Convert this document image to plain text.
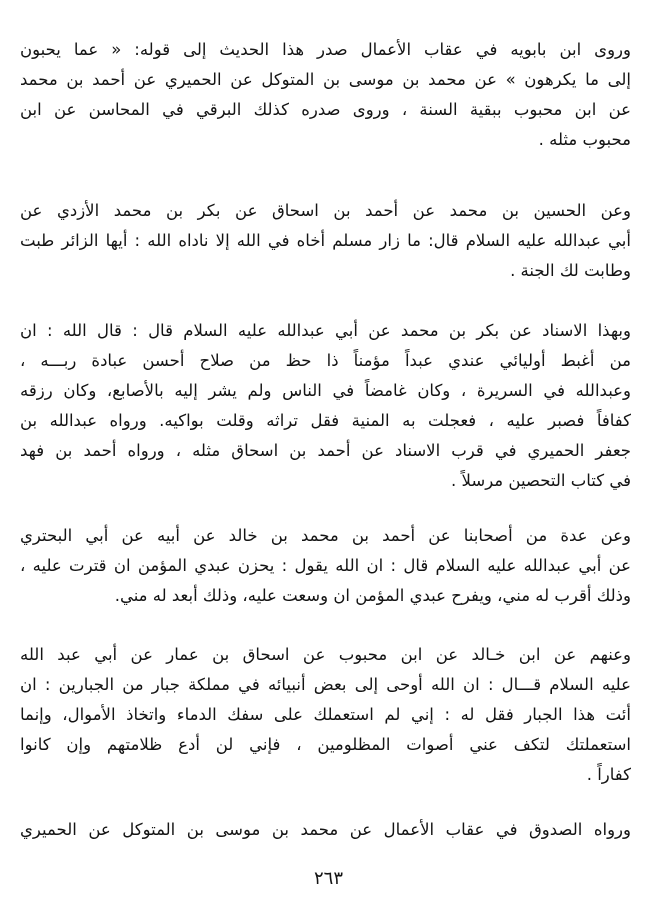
وروى ابن بابويه في عقاب الأعمال صدر هذا الحديث إلى قوله: « عما يحبون
إلى ما يكرهون » عن محمد بن موسى بن المتوكل عن الحميري عن أحمد بن محمد
عن ابن محبوب ببقية السنة ، وروى صدره كذلك البرقي في المحاسن عن ابن
محبوب مثله .
وعن الحسين بن محمد عن أحمد بن اسحاق عن بكر بن محمد الأزدي عن
أبي عبدالله عليه السلام قال: ما زار مسلم أخاه في الله إلا ناداه الله : أيها الزائر طبت
وطابت لك الجنة .
وبهذا الاسناد عن بكر بن محمد عن أبي عبدالله عليه السلام قال : قال الله : ان
من أغبط أوليائي عندي عبداً مؤمناً ذا حظ من صلاح أحسن عبادة ربـــه ،
وعبدالله في السريرة ، وكان غامضاً في الناس ولم يشر إليه بالأصابع، وكان رزقه
كفافاً فصبر عليه ، فعجلت به المنية فقل تراثه وقلت بواكيه. ورواه عبدالله بن
جعفر الحميري في قرب الاسناد عن أحمد بن اسحاق مثله ، ورواه أحمد بن فهد
في كتاب التحصين مرسلاً .
وعن عدة من أصحابنا عن أحمد بن محمد بن خالد عن أبيه عن أبي البحتري
عن أبي عبدالله عليه السلام قال : ان الله يقول : يحزن عبدي المؤمن ان قترت عليه ،
وذلك أقرب له مني، ويفرح عبدي المؤمن ان وسعت عليه، وذلك أبعد له مني.
وعنهم عن ابن خـالد عن ابن محبوب عن اسحاق بن عمار عن أبي عبد الله
عليه السلام قـــال : ان الله أوحى إلى بعض أنبيائه في مملكة جبار من الجبارين : ان
أئت هذا الجبار فقل له : إني لم استعملك على سفك الدماء واتخاذ الأموال، وإنما
استعملتك لتكف عني أصوات المظلومين ، فإني لن أدع ظلامتهم وإن كانوا
كفاراً .
ورواه الصدوق في عقاب الأعمال عن محمد بن موسى بن المتوكل عن الحميري
٢٦٣
